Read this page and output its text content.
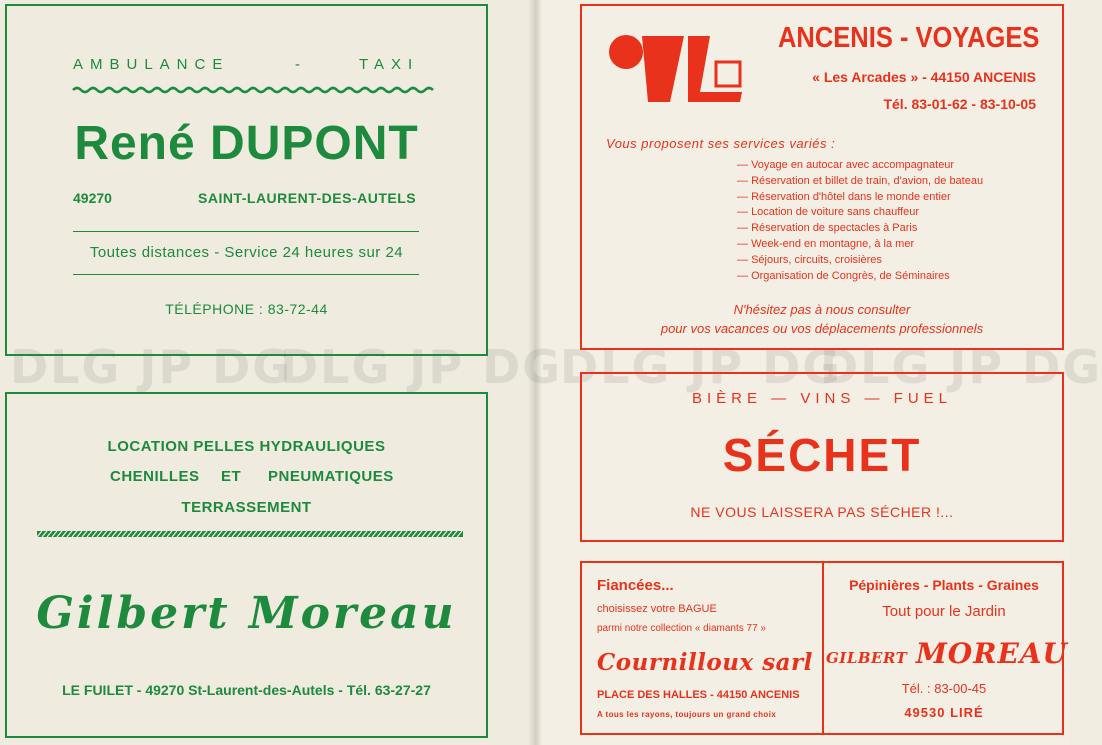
AMBULANCE	-	TAXI
René DUPONT
49270	SAINT-LAURENT-DES-AUTELS
Toutes distances - Service 24 heures sur 24
TÉLÉPHONE : 83-72-44
LOCATION PELLES HYDRAULIQUES
CHENILLES ET PNEUMATIQUES
TERRASSEMENT
Gilbert Moreau
LE FUILET - 49270 St-Laurent-des-Autels - Tél. 63-27-27
ANCENIS - VOYAGES
« Les Arcades » - 44150 ANCENIS
Tél. 83-01-62 - 83-10-05
Vous proposent ses services variés :
— Voyage en autocar avec accompagnateur
— Réservation et billet de train, d'avion, de bateau
— Réservation d'hôtel dans le monde entier
— Location de voiture sans chauffeur
— Réservation de spectacles à Paris
— Week-end en montagne, à la mer
— Séjours, circuits, croisières
— Organisation de Congrès, de Séminaires
N'hésitez pas à nous consulter
pour vos vacances ou vos déplacements professionnels
BIÈRE — VINS — FUEL
SÉCHET
NE VOUS LAISSERA PAS SÉCHER !...
Fiancées...
choisissez votre BAGUE
parmi notre collection « diamants 77 »
Cournilloux sarl
PLACE DES HALLES - 44150 ANCENIS
A tous les rayons, toujours un grand choix
Pépinières - Plants - Graines
Tout pour le Jardin
GILBERT MOREAU
Tél. : 83-00-45
49530 LIRÉ
